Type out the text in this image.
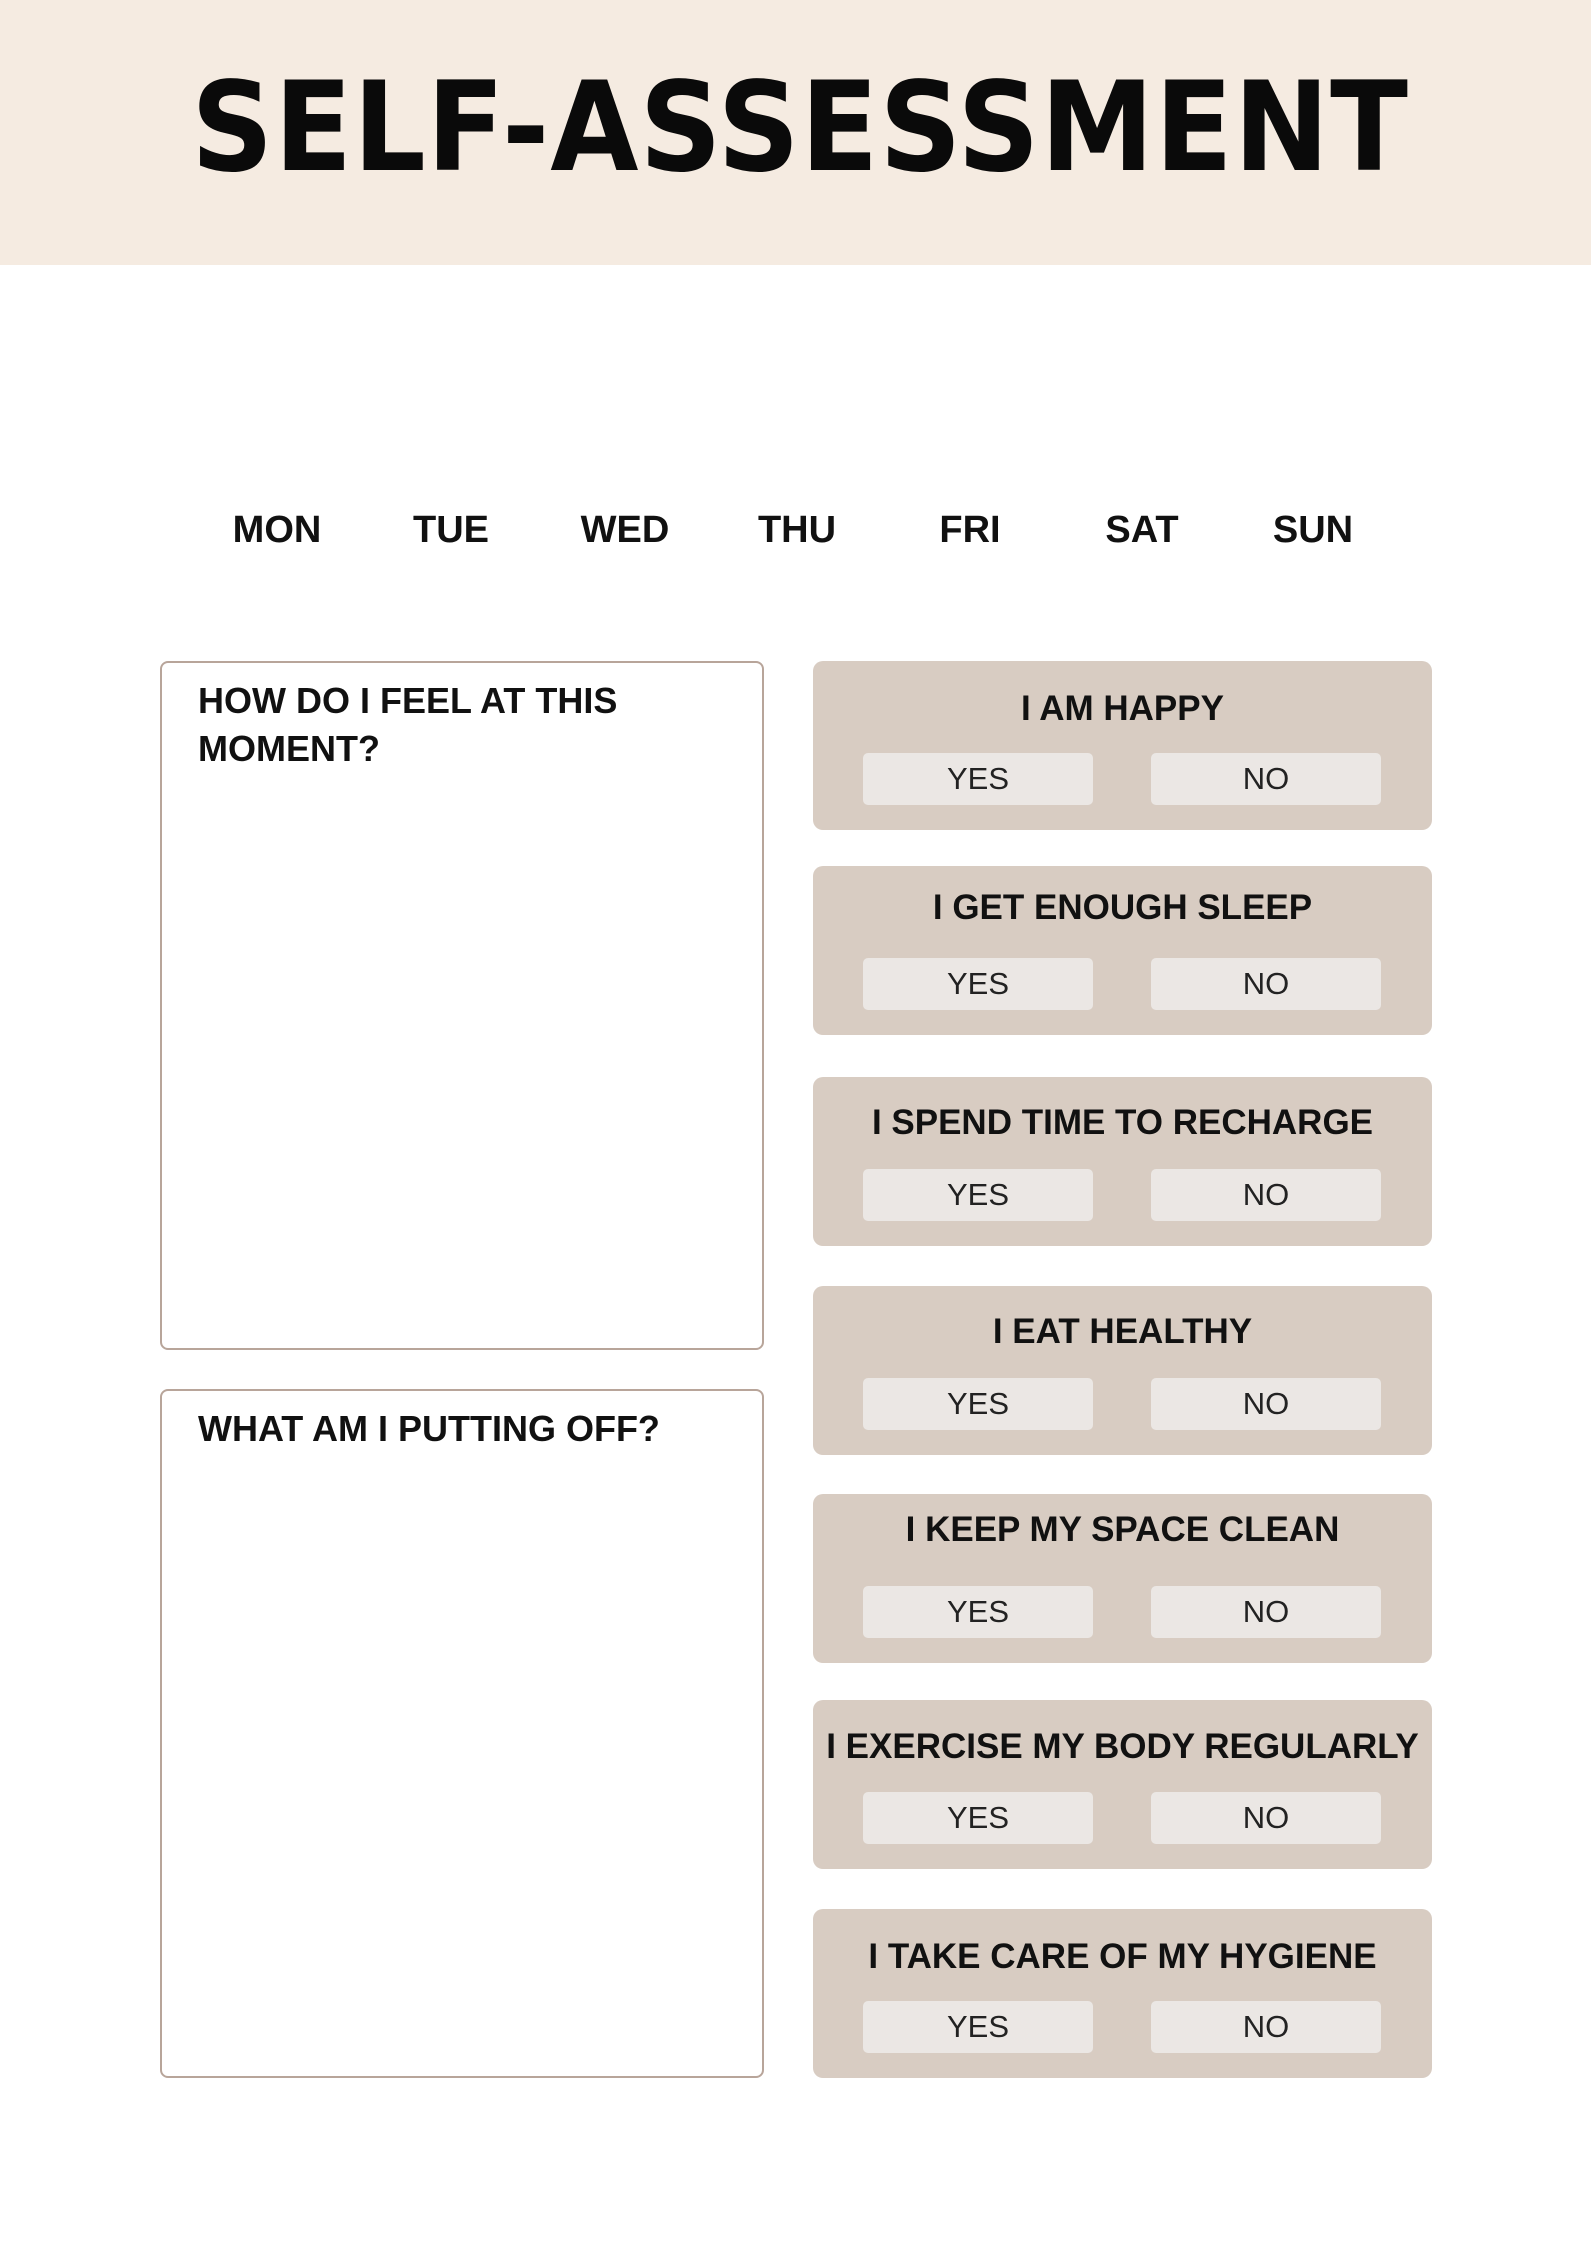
SELF-ASSESSMENT
MON	TUE	WED	THU	FRI	SAT	SUN
HOW DO I FEEL AT THIS MOMENT?
WHAT AM I PUTTING OFF?
I AM HAPPY
YES	NO
I GET ENOUGH SLEEP
YES	NO
I SPEND TIME TO RECHARGE
YES	NO
I EAT HEALTHY
YES	NO
I KEEP MY SPACE CLEAN
YES	NO
I EXERCISE MY BODY REGULARLY
YES	NO
I TAKE CARE OF MY HYGIENE
YES	NO
